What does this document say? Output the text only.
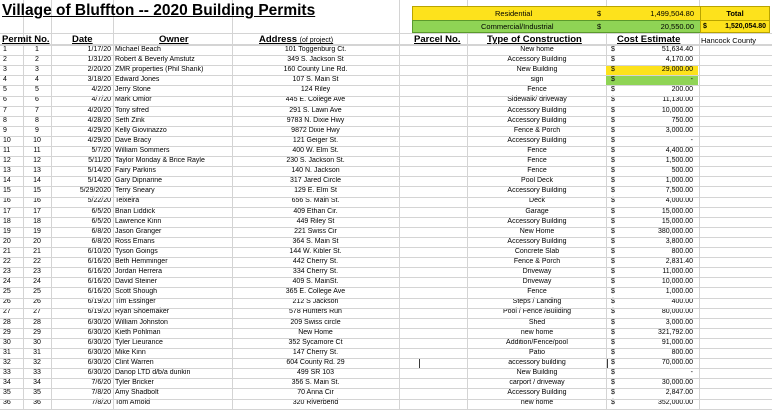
Village of Bluffton -- 2020 Building Permits	Residential	$	1,499,504.80
Commercial/Industrial	$	20,550.00
Total
$	1,520,054.80
Permit No. Date	Owner	Address (of project)	Parcel No.	Type of Construction	Cost Estimate	Hancock County
1	1	1/17/20 Michael Beach	101 Toggenburg Ct.	New home	$	51,634.40
2	2	1/31/20 Robert & Beverly Amstutz	349 S. Jackson St	Accessory Building	$	4,170.00
3	3	2/20/20 ZMR properties (Phil Shank)	160 County Line Rd.	New Building	$	29,000.00
4	4	3/18/20 Edward Jones	107 S. Main St	sign	$	-
5	5	4/2/20 Jerry Stone	124 Riley	Fence	$	200.00
6	6	4/7/20 Mark Omlor	445 E. College Ave	Sidewalk/ driveway	$	11,130.00
7	7	4/20/20 Tony sifred	291 S. Lawn Ave	Accessory Building	$	10,000.00
8	8	4/28/20 Seth Zink	9783 N. Dixie Hwy	Accessory Building	$	750.00
9	9	4/29/20 Kelly Giovinazzo	9872 Dixie Hwy	Fence & Porch	$	3,000.00
10	10	4/29/20 Dave Bracy	121 Geiger St.	Accessory Building	$	-
11	11	5/7/20 William Sommers	400 W. Elm St.	Fence	$	4,400.00
12	12	5/11/20 Taylor Monday & Brice Rayle	230 S. Jackson St.	Fence	$	1,500.00
13	13	5/14/20 Fairy Parkins	140 N. Jackson	Fence	$	500.00
14	14	5/14/20 Gary Dipnarine	317 Jared Circle	Pool Deck	$	1,000.00
15	15	5/29/2020 Terry Sneary	129 E. Elm St	Accessory Building	$	7,500.00
16	16	5/22/20 Teixeira	656 S. Main St.	Deck	$	4,000.00
17	17	6/5/20 Brian Liddick	409 Ethan Cir.	Garage	$	15,000.00
18	18	6/5/20 Lawrence Kinn	449 Riley St	Accessory Building	$	15,000.00
19	19	6/8/20 Jason Granger	221 Swiss Cir	New Home	$	380,000.00
20	20	6/8/20 Ross Emans	364 S. Main St	Accessory Building	$	3,800.00
21	21	6/10/20 Tyson Goings	144 W. Kibler St.	Concrete Slab	$	800.00
22	22	6/16/20 Beth Hemminger	442 Cherry St.	Fence & Porch	$	2,831.40
23	23	6/16/20 Jordan Herrera	334 Cherry St.	Driveway	$	11,000.00
24	24	6/16/20 David Steiner	409 S. MainSt.	Driveway	$	10,000.00
25	25	6/16/20 Scott Shough	365 E. College Ave	Fence	$	1,000.00
26	26	6/19/20 Tim Essinger	212 S Jackson	Steps / Landing	$	400.00
27	27	6/19/20 Ryan Shoemaker	578 Hunters Run	Pool / Fence /Building	$	80,000.00
28	28	6/30/20 William Johnston	209 Swiss circle	Shed	$	3,000.00
29	29	6/30/20 Kieth Pohlman	New Home	new home	$	321,792.00
30	30	6/30/20 Tyler Lieurance	352 Sycamore Ct	Addition/Fence/pool	$	91,000.00
31	31	6/30/20 Mike Kinn	147 Cherry St.	Patio	$	800.00
32	32	6/30/20 Clint Warren	604 County Rd. 29	accessory building	$	70,000.00
33	33	6/30/20 Danop LTD d/b/a dunkin	499 SR 103	New Building	$	-
34	34	7/6/20 Tyler Bricker	356 S. Main St.	carport / driveway	$	30,000.00
35	35	7/8/20 Amy Shadbolt	70 Anna Cir	Accessory Building	$	2,847.00
36	36	7/8/20 Tom Arnold	320 Riverbend	new home	$	352,000.00
